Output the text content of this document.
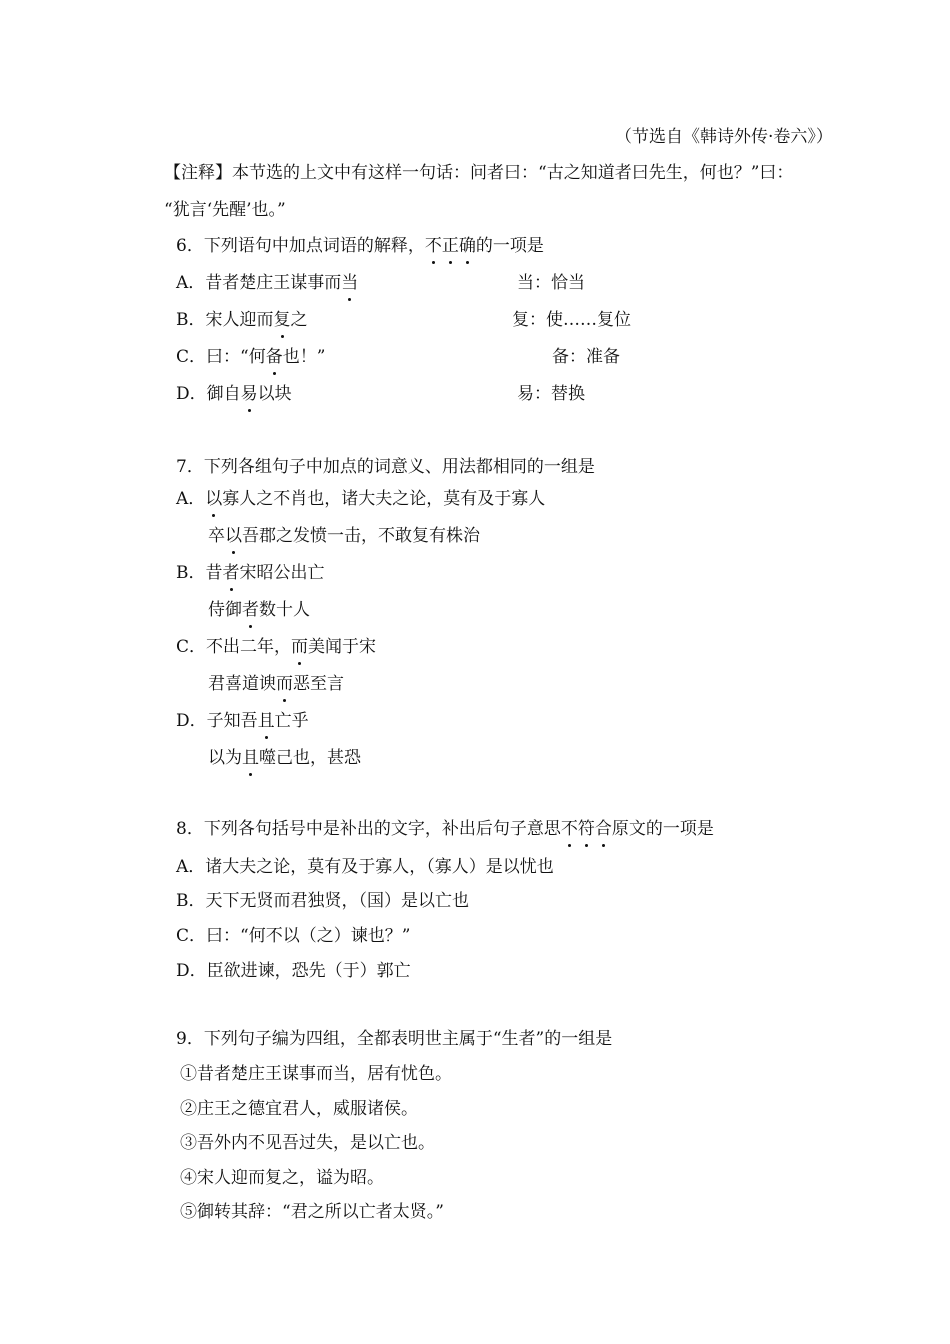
（节选自《韩诗外传·卷六》）
【注释】本节选的上文中有这样一句话：问者曰：“古之知道者曰先生，何也？”曰：
“犹言‘先醒’也。”
6．下列语句中加点词语的解释，不正确的一项是
A．昔者楚庄王谋事而当	当：恰当
B．宋人迎而复之	复：使……复位
C．曰：“何备也！”	备：准备
D．御自易以块	易：替换
7．下列各组句子中加点的词意义、用法都相同的一组是
A．以寡人之不肖也，诸大夫之论，莫有及于寡人
卒以吾郡之发愤一击，不敢复有株治
B．昔者宋昭公出亡
侍御者数十人
C．不出二年，而美闻于宋
君喜道谀而恶至言
D．子知吾且亡乎
以为且噬己也，甚恐
8．下列各句括号中是补出的文字，补出后句子意思不符合原文的一项是
A．诸大夫之论，莫有及于寡人，（寡人）是以忧也
B．天下无贤而君独贤，（国）是以亡也
C．曰：“何不以（之）谏也？”
D．臣欲进谏，恐先（于）郭亡
9．下列句子编为四组，全都表明世主属于“生者”的一组是
①昔者楚庄王谋事而当，居有忧色。
②庄王之德宜君人，威服诸侯。
③吾外内不见吾过失，是以亡也。
④宋人迎而复之，谥为昭。
⑤御转其辞：“君之所以亡者太贤。”
